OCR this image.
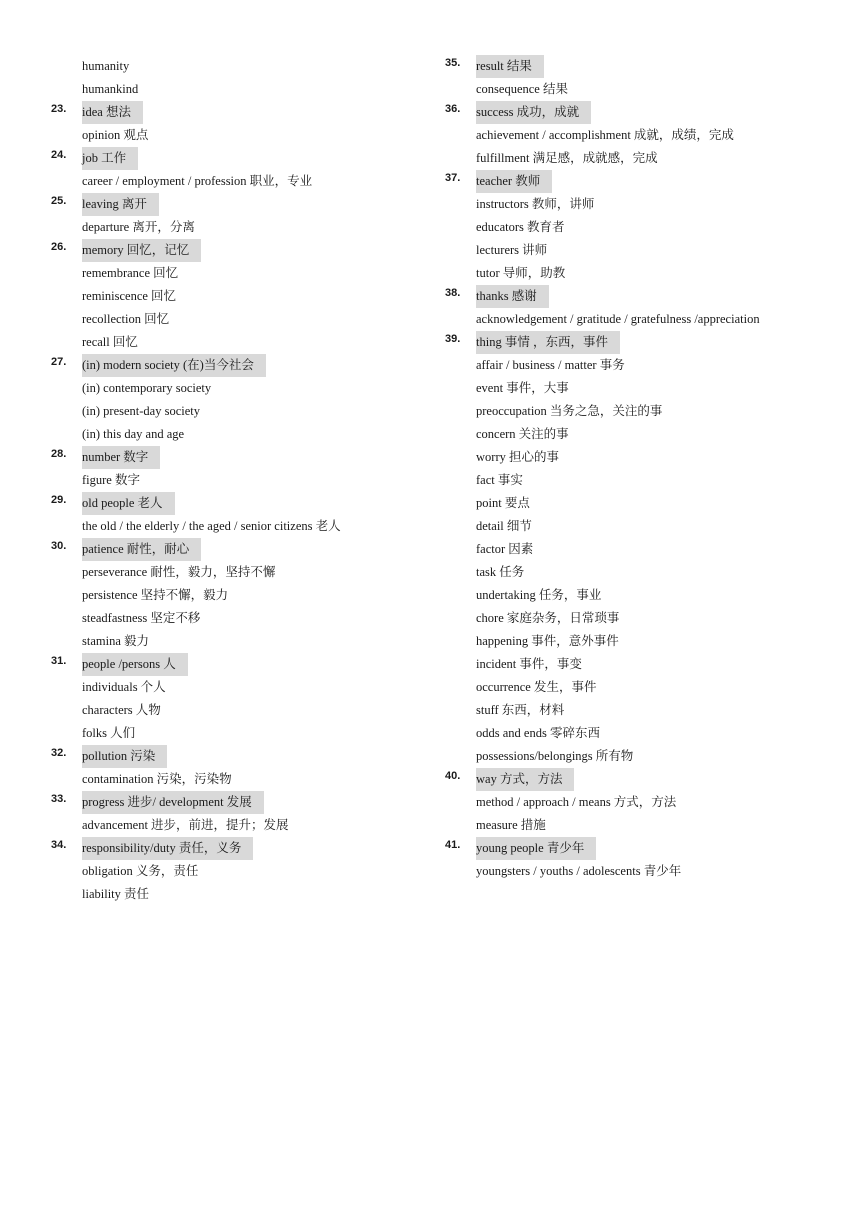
humanity
humankind
23. idea 想法
opinion 观点
24. job 工作
career / employment / profession 职业，专业
25. leaving 离开
departure 离开，分离
26. memory 回忆，记忆
remembrance 回忆
reminiscence 回忆
recollection 回忆
recall 回忆
27. (in) modern society (在)当今社会
(in) contemporary society
(in) present-day society
(in) this day and age
28. number 数字
figure 数字
29. old people 老人
the old / the elderly / the aged / senior citizens 老人
30. patience 耐性，耐心
perseverance 耐性，毅力，坚持不懈
persistence 坚持不懈，毅力
steadfastness 坚定不移
stamina 毅力
31. people /persons 人
individuals 个人
characters 人物
folks 人们
32. pollution 污染
contamination 污染，污染物
33. progress 进步/ development 发展
advancement 进步，前进，提升；发展
34. responsibility/duty 责任，义务
obligation 义务，责任
liability 责任
35. result 结果
consequence 结果
36. success 成功，成就
achievement / accomplishment 成就，成绩，完成
fulfillment 满足感，成就感，完成
37. teacher 教师
instructors 教师，讲师
educators 教育者
lecturers 讲师
tutor 导师，助教
38. thanks 感谢
acknowledgement / gratitude / gratefulness /appreciation
39. thing 事情 ，东西，事件
affair / business / matter 事务
event 事件，大事
preoccupation 当务之急，关注的事
concern 关注的事
worry 担心的事
fact 事实
point 要点
detail 细节
factor 因素
task 任务
undertaking 任务，事业
chore 家庭杂务，日常琐事
happening 事件，意外事件
incident 事件，事变
occurrence 发生，事件
stuff 东西，材料
odds and ends 零碎东西
possessions/belongings 所有物
40. way 方式，方法
method / approach / means 方式，方法
measure 措施
41. young people 青少年
youngsters / youths / adolescents 青少年
